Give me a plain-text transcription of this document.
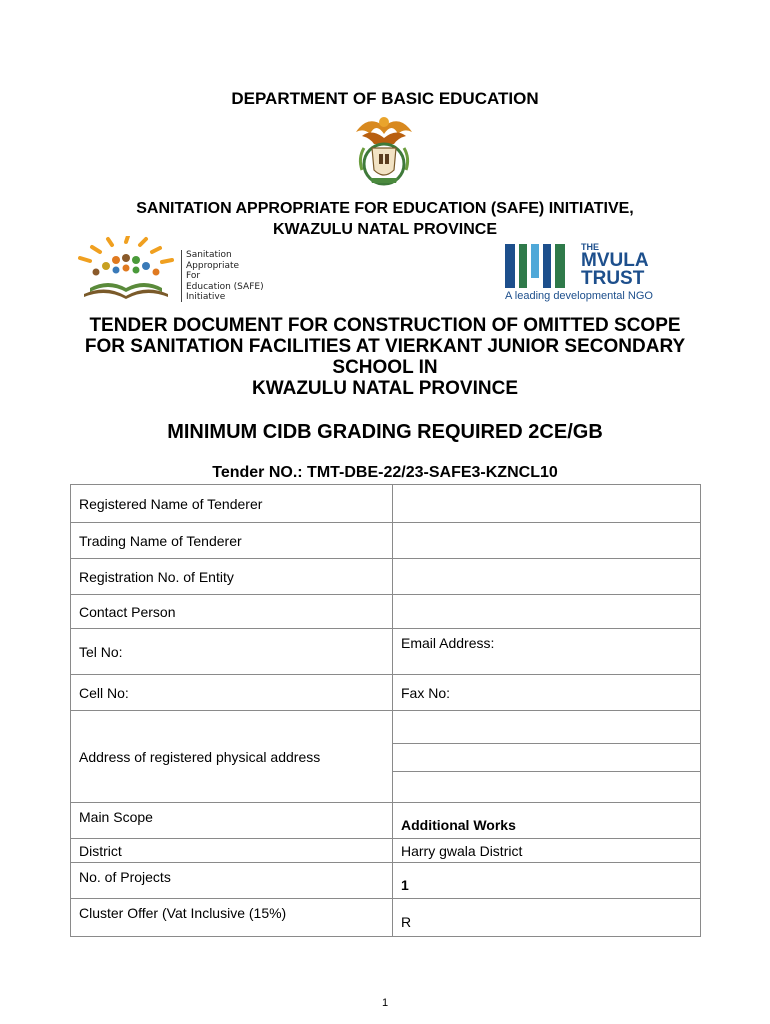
DEPARTMENT OF BASIC EDUCATION
SANITATION APPROPRIATE FOR EDUCATION (SAFE) INITIATIVE,
KWAZULU NATAL PROVINCE
Sanitation
Appropriate
For
Education (SAFE)
Initiative
THE
MVULA
TRUST
A leading developmental NGO
TENDER DOCUMENT FOR CONSTRUCTION OF OMITTED SCOPE
FOR SANITATION FACILITIES AT VIERKANT JUNIOR SECONDARY
SCHOOL IN
KWAZULU NATAL PROVINCE
MINIMUM CIDB GRADING REQUIRED 2CE/GB
Tender NO.: TMT-DBE-22/23-SAFE3-KZNCL10
Registered Name of Tenderer	
Trading Name of Tenderer	
Registration No. of Entity	
Contact Person	
Tel No:	Email Address:
Cell No:	Fax No:
Address of registered physical address	

Main Scope	Additional Works
District	Harry gwala District
No. of Projects	1
Cluster Offer (Vat Inclusive (15%)	R
1
